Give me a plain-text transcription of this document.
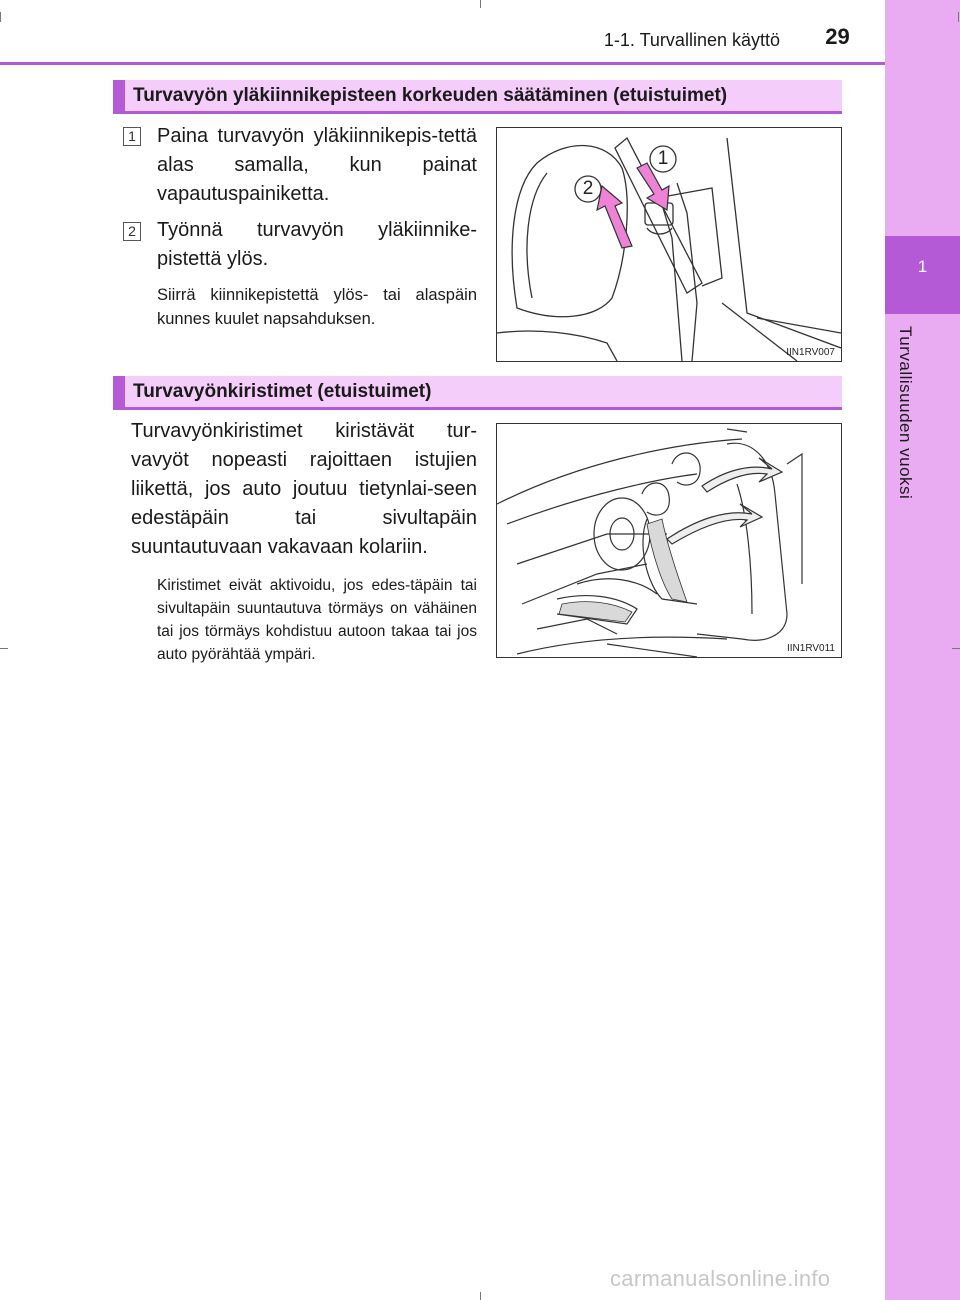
1
Turvallisuuden vuoksi
1-1. Turvallinen käyttö	29
Turvavyön yläkiinnikepisteen korkeuden säätäminen (etuistuimet)
1 Paina turvavyön yläkiinnikepis-tettä alas samalla, kun painat vapautuspainiketta.
2 Työnnä turvavyön yläkiinnike-pistettä ylös.
Siirrä kiinnikepistettä ylös- tai alaspäin kunnes kuulet napsahduksen.
1
2
IIN1RV007
Turvavyönkiristimet (etuistuimet)
Turvavyönkiristimet kiristävät tur-vavyöt nopeasti rajoittaen istujien liikettä, jos auto joutuu tietynlai-seen edestäpäin tai sivultapäin suuntautuvaan vakavaan kolariin.
Kiristimet eivät aktivoidu, jos edes-täpäin tai sivultapäin suuntautuva törmäys on vähäinen tai jos törmäys kohdistuu autoon takaa tai jos auto pyörähtää ympäri.	IIN1RV011
carmanualsonline.info
